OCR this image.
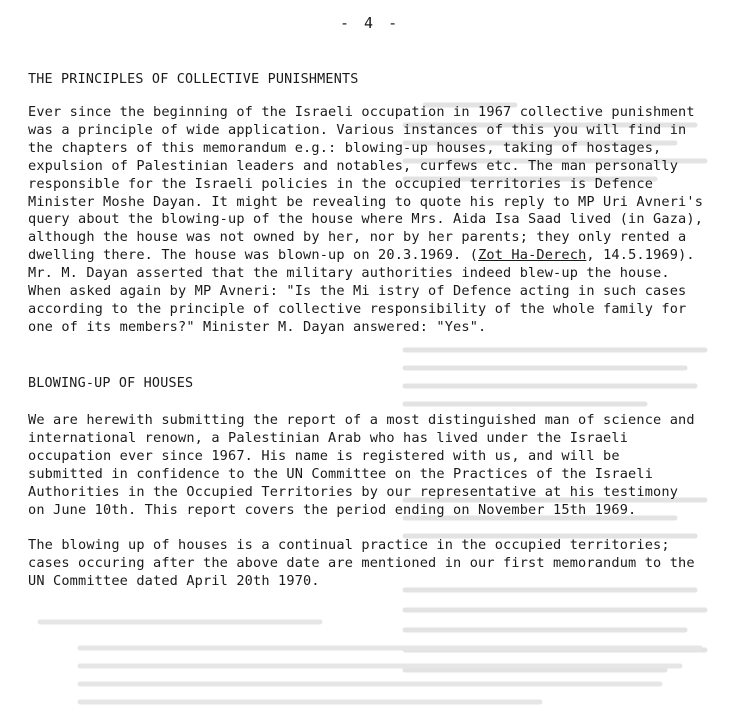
- 4 -
THE PRINCIPLES OF COLLECTIVE PUNISHMENTS
Ever since the beginning of the Israeli occupation in 1967 collective punishment
was a principle of wide application. Various instances of this you will find in
the chapters of this memorandum e.g.: blowing-up houses, taking of hostages,
expulsion of Palestinian leaders and notables, curfews etc. The man personally
responsible for the Israeli policies in the occupied territories is Defence
Minister Moshe Dayan. It might be revealing to quote his reply to MP Uri Avneri's
query about the blowing-up of the house where Mrs. Aida Isa Saad lived (in Gaza),
although the house was not owned by her, nor by her parents; they only rented a
dwelling there. The house was blown-up on 20.3.1969. (Zot Ha-Derech, 14.5.1969).
Mr. M. Dayan asserted that the military authorities indeed blew-up the house.
When asked again by MP Avneri: "Is the Mi istry of Defence acting in such cases
according to the principle of collective responsibility of the whole family for
one of its members?" Minister M. Dayan answered: "Yes".
BLOWING-UP OF HOUSES
We are herewith submitting the report of a most distinguished man of science and
international renown, a Palestinian Arab who has lived under the Israeli
occupation ever since 1967. His name is registered with us, and will be
submitted in confidence to the UN Committee on the Practices of the Israeli
Authorities in the Occupied Territories by our representative at his testimony
on June 10th. This report covers the period ending on November 15th 1969.
The blowing up of houses is a continual practice in the occupied territories;
cases occuring after the above date are mentioned in our first memorandum to the
UN Committee dated April 20th 1970.
